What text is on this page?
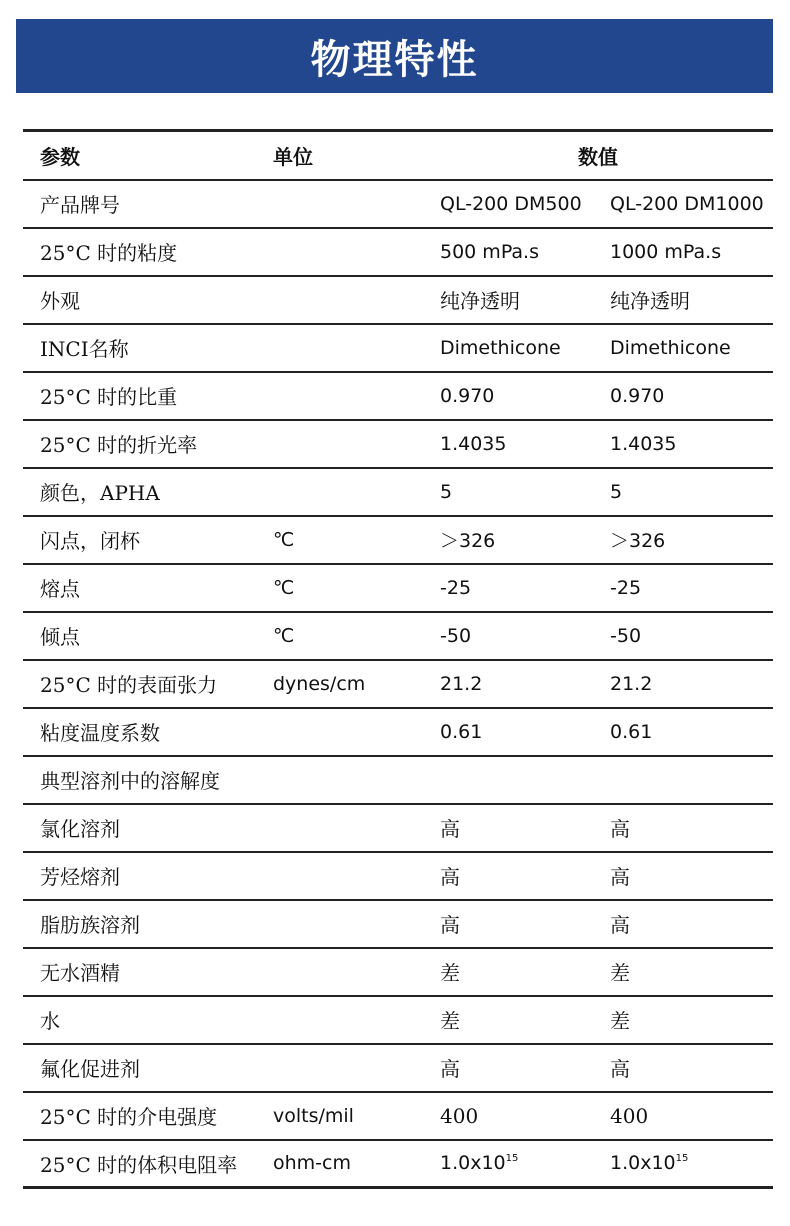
物理特性
参数	单位	数值	
产品牌号		QL-200 DM500	QL-200 DM1000
25°C 时的粘度		500 mPa.s	1000 mPa.s
外观		纯净透明	纯净透明
INCI名称		Dimethicone	Dimethicone
25°C 时的比重		0.970	0.970
25°C 时的折光率		1.4035	1.4035
颜色，APHA		5	5
闪点，闭杯	℃	＞326	＞326
熔点	℃	-25	-25
倾点	℃	-50	-50
25°C 时的表面张力	dynes/cm	21.2	21.2
粘度温度系数		0.61	0.61
典型溶剂中的溶解度			
氯化溶剂		高	高
芳烃熔剂		高	高
脂肪族溶剂		高	高
无水酒精		差	差
水		差	差
氟化促进剂		高	高
25°C 时的介电强度	volts/mil	400	400
25°C 时的体积电阻率	ohm-cm	$1.0x10^{15}$	$1.0x10^{15}$
